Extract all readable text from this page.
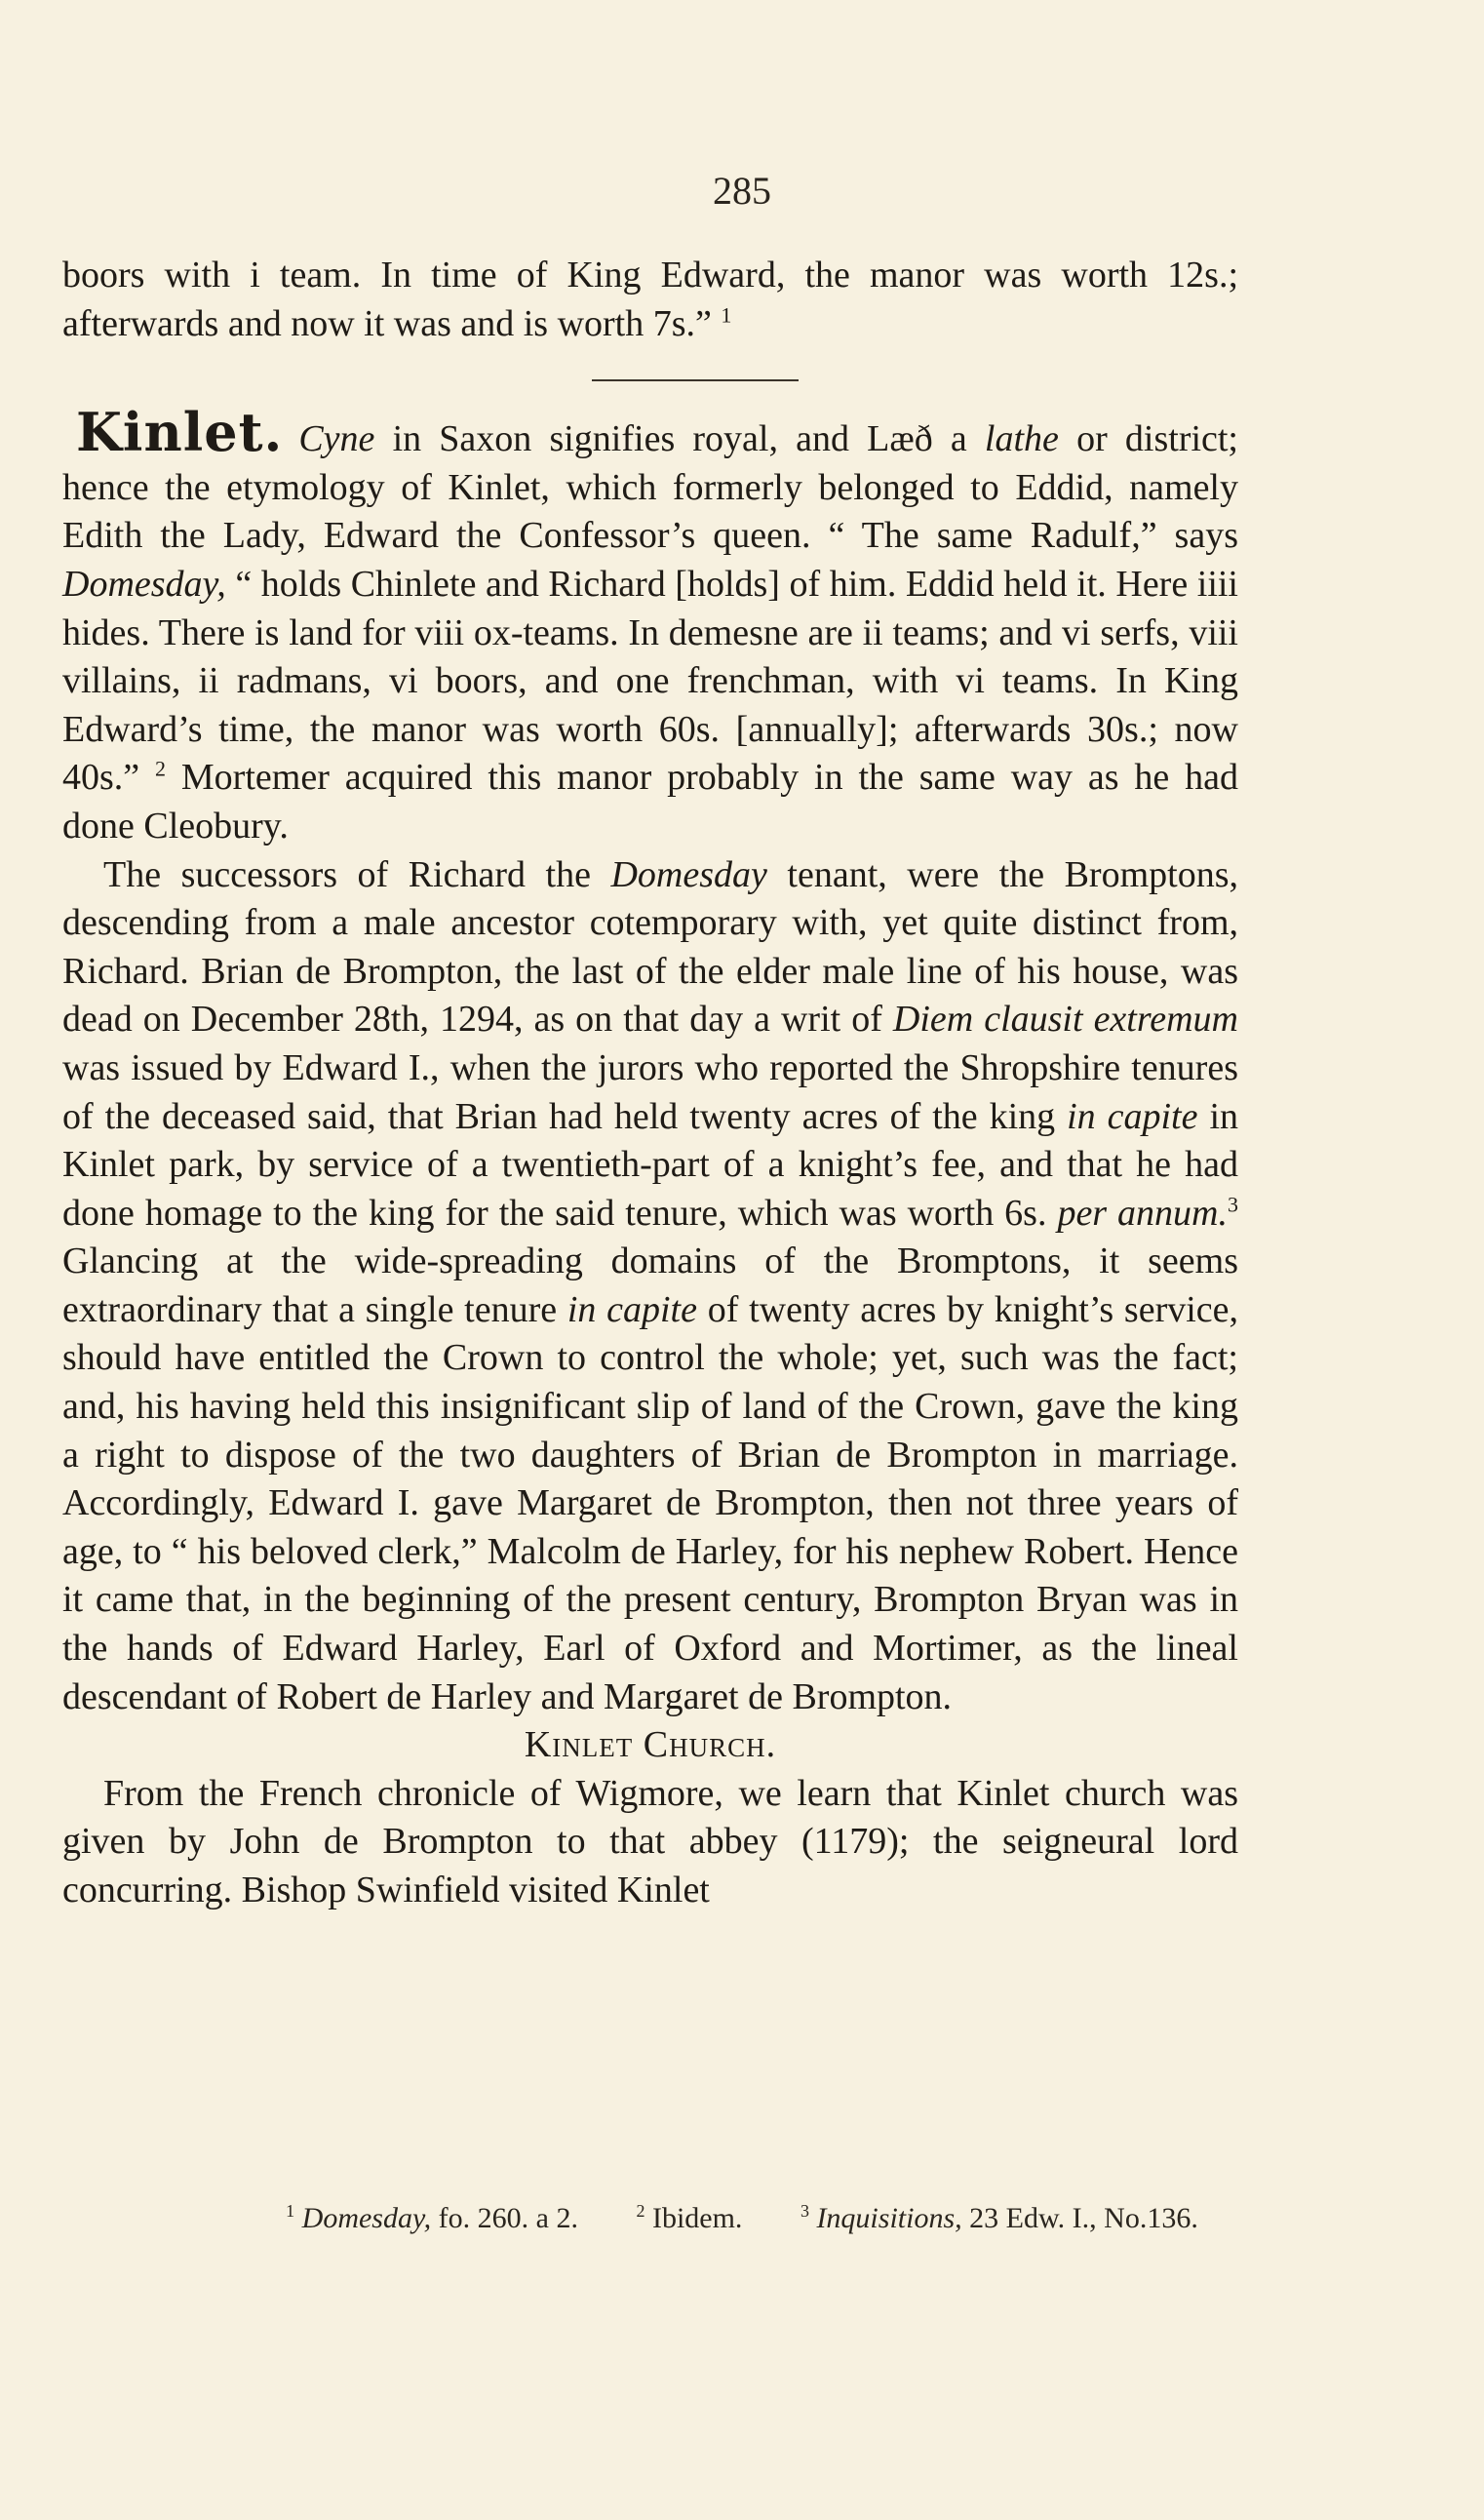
285

boors with i team. In time of King Edward, the manor was worth 12s.; afterwards and now it was and is worth 7s.” $^1$

Kinlet. Cyne in Saxon signifies royal, and Læð a lathe or district; hence the etymology of Kinlet, which formerly belonged to Eddid, namely Edith the Lady, Edward the Confessor’s queen. “ The same Radulf,” says Domesday, “ holds Chinlete and Richard [holds] of him. Eddid held it. Here iiii hides. There is land for viii ox-teams. In demesne are ii teams; and vi serfs, viii villains, ii radmans, vi boors, and one frenchman, with vi teams. In King Edward’s time, the manor was worth 60s. [annually]; afterwards 30s.; now 40s.” $^2$ Mortemer acquired this manor probably in the same way as he had done Cleobury.

The successors of Richard the Domesday tenant, were the Bromptons, descending from a male ancestor cotemporary with, yet quite distinct from, Richard. Brian de Brompton, the last of the elder male line of his house, was dead on December 28th, 1294, as on that day a writ of Diem clausit extremum was issued by Edward I., when the jurors who reported the Shropshire tenures of the deceased said, that Brian had held twenty acres of the king in capite in Kinlet park, by service of a twentieth-part of a knight’s fee, and that he had done homage to the king for the said tenure, which was worth 6s. per annum.$^3$ Glancing at the wide-spreading domains of the Bromptons, it seems extraordinary that a single tenure in capite of twenty acres by knight’s service, should have entitled the Crown to control the whole; yet, such was the fact; and, his having held this insignificant slip of land of the Crown, gave the king a right to dispose of the two daughters of Brian de Brompton in marriage. Accordingly, Edward I. gave Margaret de Brompton, then not three years of age, to “ his beloved clerk,” Malcolm de Harley, for his nephew Robert. Hence it came that, in the beginning of the present century, Brompton Bryan was in the hands of Edward Harley, Earl of Oxford and Mortimer, as the lineal descendant of Robert de Harley and Margaret de Brompton.

Kinlet Church.

From the French chronicle of Wigmore, we learn that Kinlet church was given by John de Brompton to that abbey (1179); the seigneural lord concurring. Bishop Swinfield visited Kinlet

$^1$ Domesday, fo. 260. a 2.	$^2$ Ibidem.	$^3$ Inquisitions, 23 Edw. I., No.136.
